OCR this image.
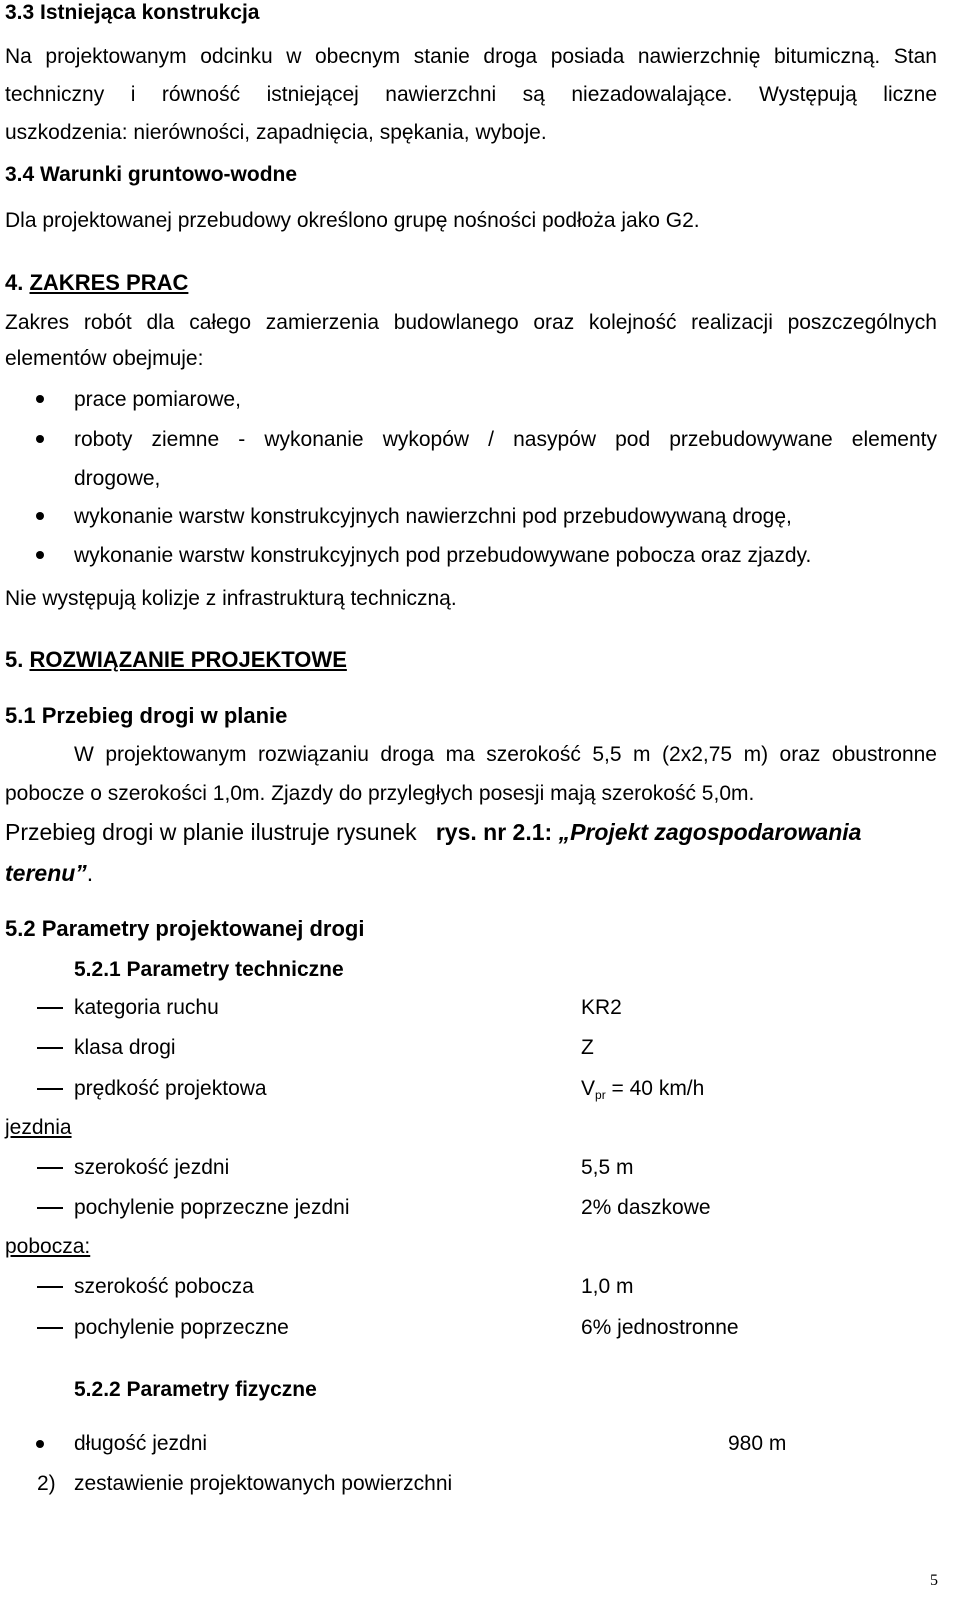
3.3 Istniejąca konstrukcja
Na projektowanym odcinku w obecnym stanie droga posiada nawierzchnię bitumiczną. Stan
techniczny i równość istniejącej nawierzchni są niezadowalające. Występują liczne
uszkodzenia: nierówności, zapadnięcia, spękania, wyboje.
3.4 Warunki gruntowo-wodne
Dla projektowanej przebudowy określono grupę nośności podłoża jako G2.
4. ZAKRES PRAC
Zakres robót dla całego zamierzenia budowlanego oraz kolejność realizacji poszczególnych
elementów obejmuje:
prace pomiarowe,
roboty ziemne - wykonanie wykopów / nasypów pod przebudowywane elementy
drogowe,
wykonanie warstw konstrukcyjnych nawierzchni pod przebudowywaną drogę,
wykonanie warstw konstrukcyjnych pod przebudowywane pobocza oraz zjazdy.
Nie występują kolizje z infrastrukturą techniczną.
5. ROZWIĄZANIE PROJEKTOWE
5.1 Przebieg drogi w planie
W projektowanym rozwiązaniu droga ma szerokość 5,5 m (2x2,75 m) oraz obustronne
pobocze o szerokości 1,0m. Zjazdy do przyległych posesji mają szerokość 5,0m.
Przebieg drogi w planie ilustruje rysunek rys. nr 2.1: „Projekt zagospodarowania
terenu”.
5.2 Parametry projektowanej drogi
5.2.1 Parametry techniczne
kategoria ruchu	KR2
klasa drogi	Z
prędkość projektowa	$V_{pr} = 40$ km/h
jezdnia
szerokość jezdni	5,5 m
pochylenie poprzeczne jezdni	2% daszkowe
pobocza:
szerokość pobocza	1,0 m
pochylenie poprzeczne	6% jednostronne
5.2.2 Parametry fizyczne
długość jezdni	980 m
2) zestawienie projektowanych powierzchni
5
